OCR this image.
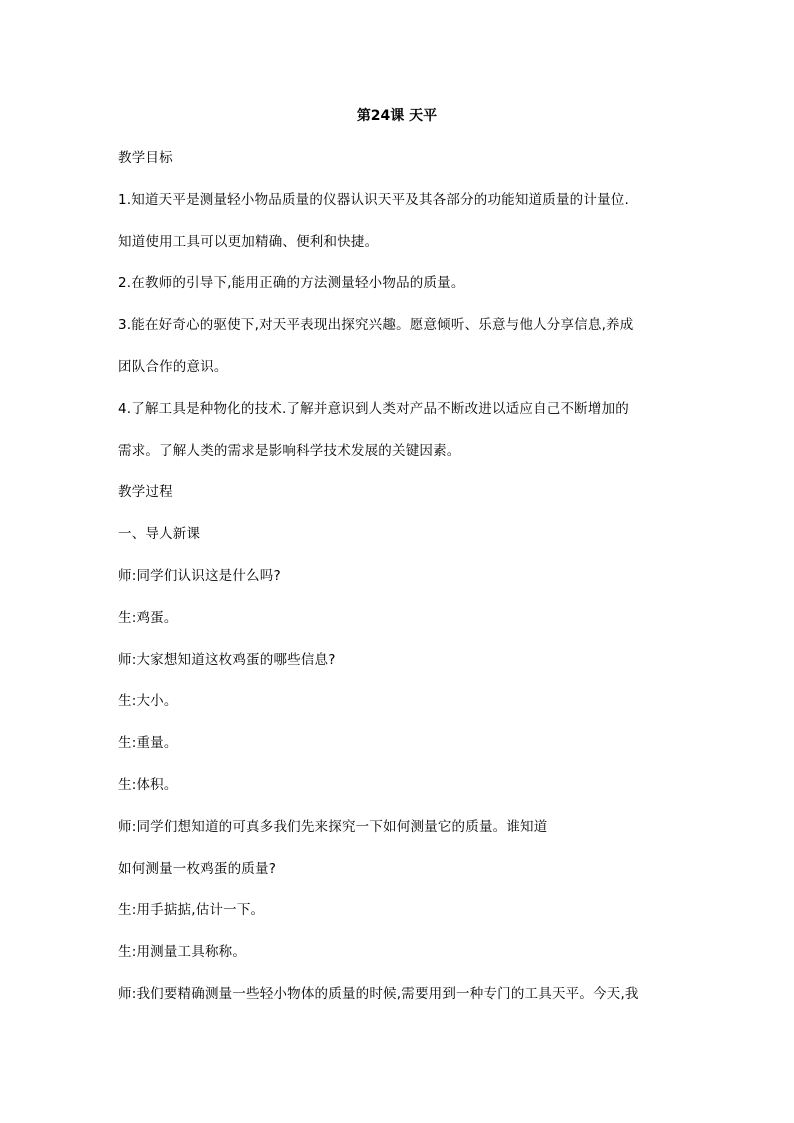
第24课 天平
教学目标
1.知道天平是测量轻小物品质量的仪器认识天平及其各部分的功能知道质量的计量位.
知道使用工具可以更加精确、便利和快捷。
2.在教师的引导下,能用正确的方法测量轻小物品的质量。
3.能在好奇心的驱使下,对天平表现出探究兴趣。愿意倾听、乐意与他人分享信息,养成
团队合作的意识。
4.了解工具是种物化的技术.了解并意识到人类对产品不断改进以适应自己不断增加的
需求。了解人类的需求是影响科学技术发展的关键因素。
教学过程
一、导人新课
师:同学们认识这是什么吗?
生:鸡蛋。
师:大家想知道这枚鸡蛋的哪些信息?
生:大小。
生:重量。
生:体积。
师:同学们想知道的可真多我们先来探究一下如何测量它的质量。谁知道
如何测量一枚鸡蛋的质量?
生:用手掂掂,估计一下。
生:用测量工具称称。
师:我们要精确测量一些轻小物体的质量的时候,需要用到一种专门的工具天平。今天,我
